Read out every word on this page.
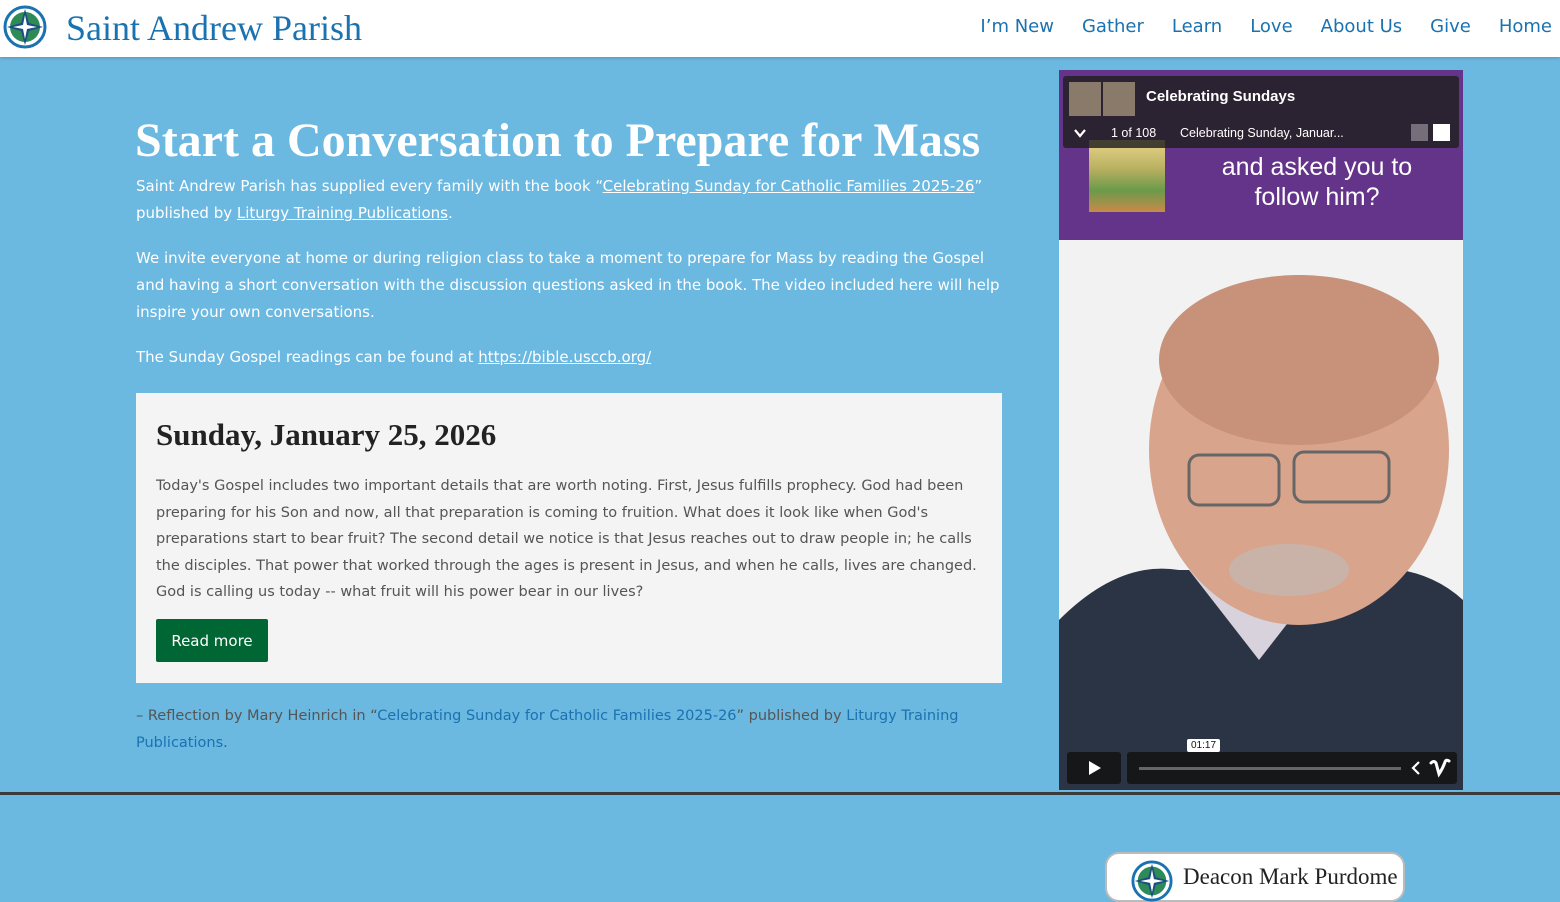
Saint Andrew Parish	I’m New Gather Learn Love About Us Give Home
Start a Conversation to Prepare for Mass

Saint Andrew Parish has supplied every family with the book “Celebrating Sunday for Catholic Families 2025-26” published by Liturgy Training Publications.

We invite everyone at home or during religion class to take a moment to prepare for Mass by reading the Gospel and having a short conversation with the discussion questions asked in the book. The video included here will help inspire your own conversations.

The Sunday Gospel readings can be found at https://bible.usccb.org/

Sunday, January 25, 2026

Today's Gospel includes two important details that are worth noting. First, Jesus fulfills prophecy. God had been preparing for his Son and now, all that preparation is coming to fruition. What does it look like when God's preparations start to bear fruit? The second detail we notice is that Jesus reaches out to draw people in; he calls the disciples. That power that worked through the ages is present in Jesus, and when he calls, lives are changed. God is calling us today -- what fruit will his power bear in our lives?

Read more

– Reflection by Mary Heinrich in “Celebrating Sunday for Catholic Families 2025-26” published by Liturgy Training Publications.

and asked you to follow him?
Deacon Mark Purdome
Celebrating Sundays
1 of 108 Celebrating Sunday, Januar...
01:17
